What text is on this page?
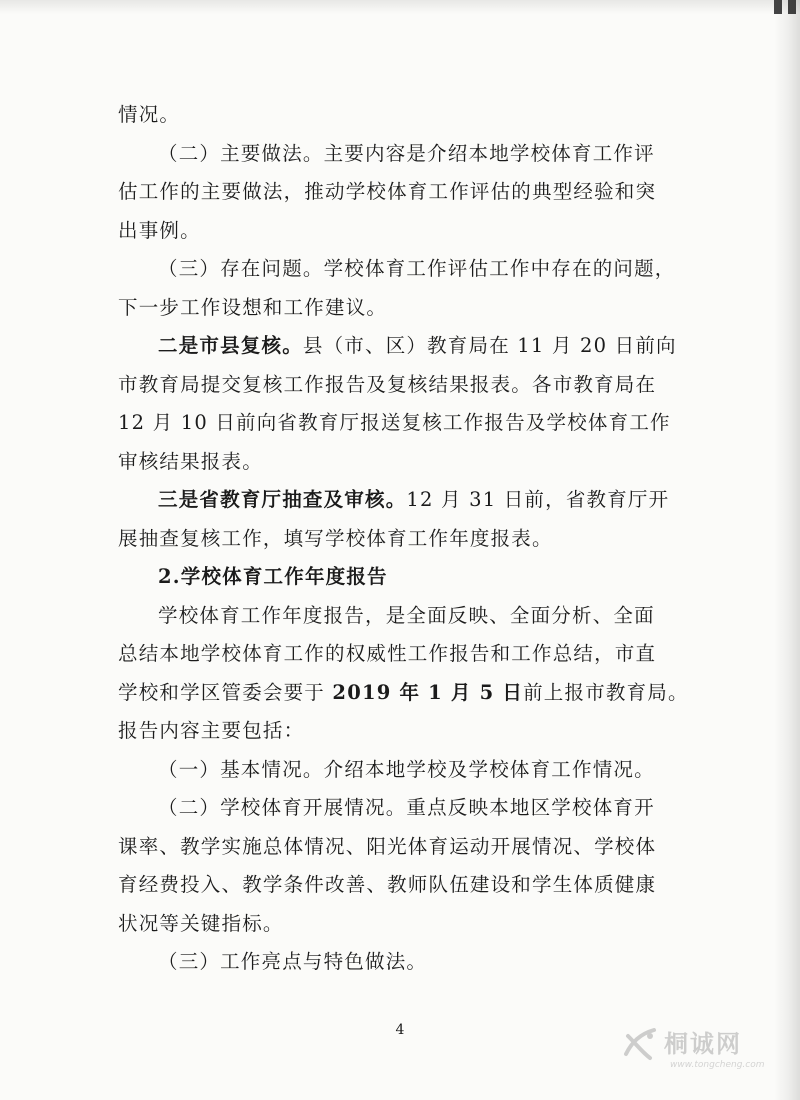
情况。
（二）主要做法。主要内容是介绍本地学校体育工作评
估工作的主要做法，推动学校体育工作评估的典型经验和突
出事例。
（三）存在问题。学校体育工作评估工作中存在的问题，
下一步工作设想和工作建议。
二是市县复核。县（市、区）教育局在 11 月 20 日前向
市教育局提交复核工作报告及复核结果报表。各市教育局在
12 月 10 日前向省教育厅报送复核工作报告及学校体育工作
审核结果报表。
三是省教育厅抽查及审核。12 月 31 日前，省教育厅开
展抽查复核工作，填写学校体育工作年度报表。
2.学校体育工作年度报告
学校体育工作年度报告，是全面反映、全面分析、全面
总结本地学校体育工作的权威性工作报告和工作总结，市直
学校和学区管委会要于 2019 年 1 月 5 日前上报市教育局。
报告内容主要包括：
（一）基本情况。介绍本地学校及学校体育工作情况。
（二）学校体育开展情况。重点反映本地区学校体育开
课率、教学实施总体情况、阳光体育运动开展情况、学校体
育经费投入、教学条件改善、教师队伍建设和学生体质健康
状况等关键指标。
（三）工作亮点与特色做法。
4	桐诚网
www.tongcheng.com
